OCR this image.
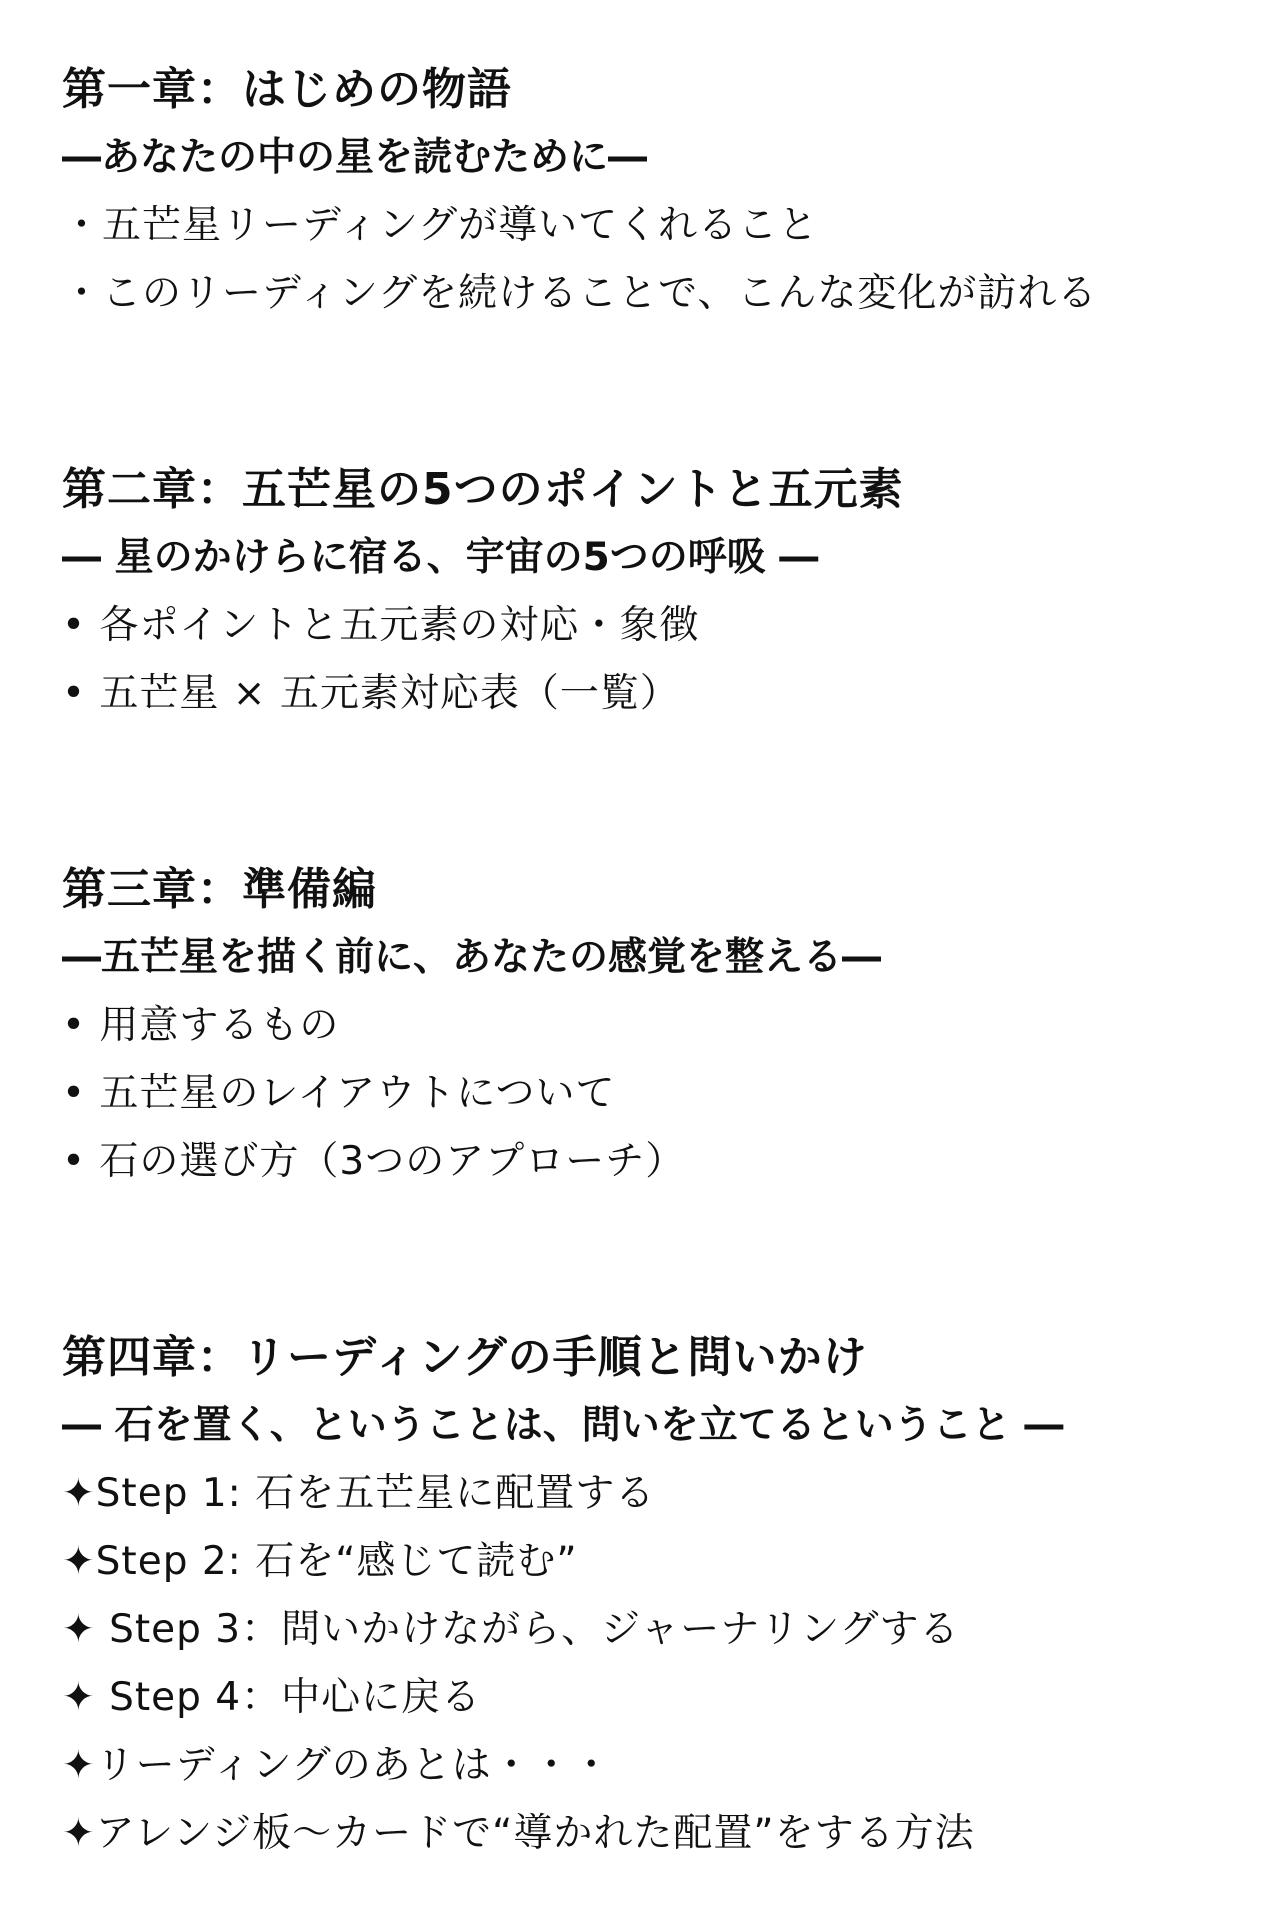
第一章：はじめの物語
―あなたの中の星を読むために―
・五芒星リーディングが導いてくれること
・このリーディングを続けることで、こんな変化が訪れる
第二章：五芒星の5つのポイントと五元素
― 星のかけらに宿る、宇宙の5つの呼吸 ―
• 各ポイントと五元素の対応・象徴
• 五芒星 × 五元素対応表（一覧）
第三章：準備編
―五芒星を描く前に、あなたの感覚を整える―
• 用意するもの
• 五芒星のレイアウトについて
• 石の選び方（3つのアプローチ）
第四章：リーディングの手順と問いかけ
― 石を置く、ということは、問いを立てるということ ―
✦Step 1: 石を五芒星に配置する
✦Step 2: 石を“感じて読む”
✦ Step 3：問いかけながら、ジャーナリングする
✦ Step 4：中心に戻る
✦リーディングのあとは・・・
✦アレンジ板〜カードで“導かれた配置”をする方法
